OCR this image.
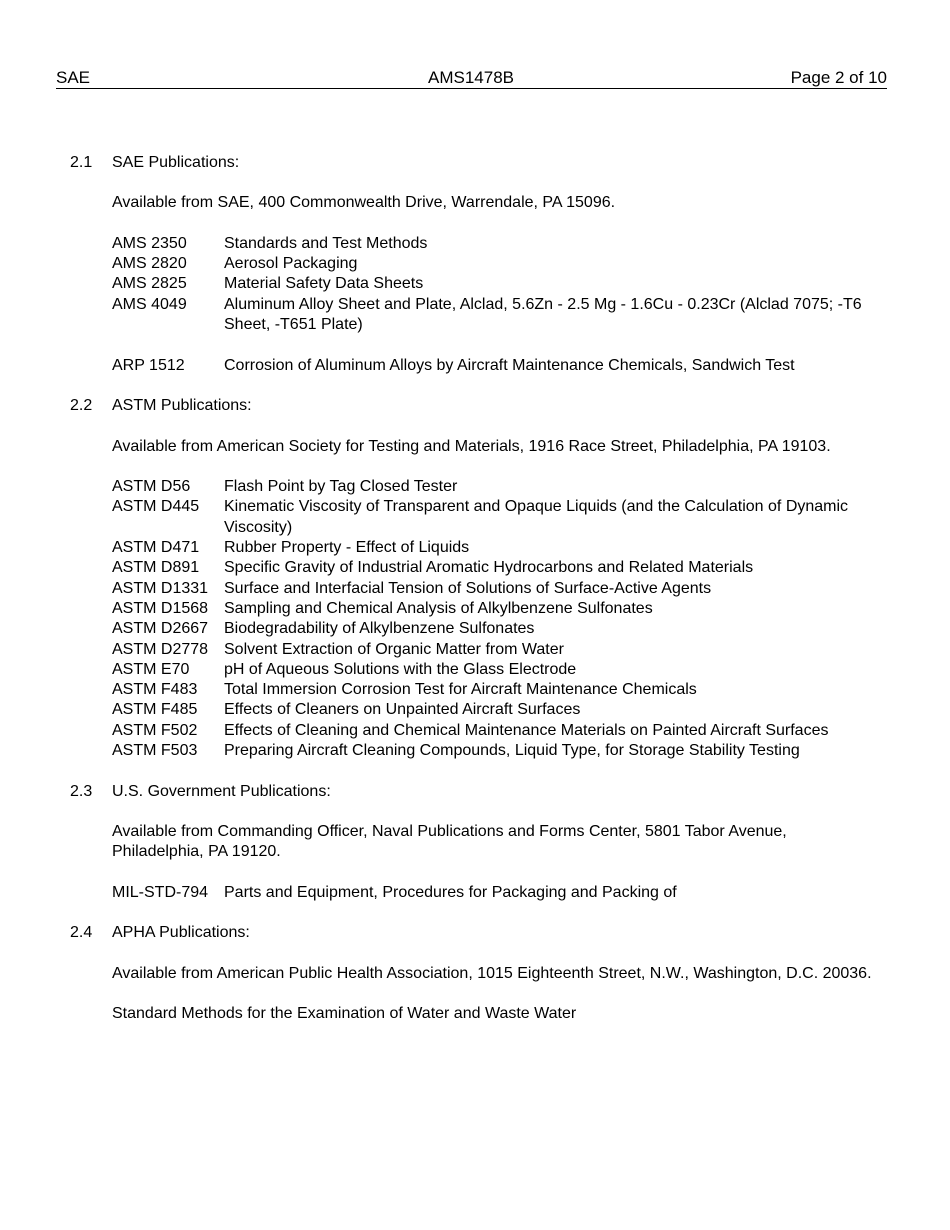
SAE	AMS1478B	Page 2 of 10
2.1 SAE Publications:
Available from SAE, 400 Commonwealth Drive, Warrendale, PA 15096.
AMS 2350	Standards and Test Methods
AMS 2820	Aerosol Packaging
AMS 2825	Material Safety Data Sheets
AMS 4049	Aluminum Alloy Sheet and Plate, Alclad, 5.6Zn - 2.5 Mg - 1.6Cu - 0.23Cr (Alclad 7075; -T6 Sheet, -T651 Plate)
ARP 1512	Corrosion of Aluminum Alloys by Aircraft Maintenance Chemicals, Sandwich Test
2.2 ASTM Publications:
Available from American Society for Testing and Materials, 1916 Race Street, Philadelphia, PA 19103.
ASTM D56	Flash Point by Tag Closed Tester
ASTM D445	Kinematic Viscosity of Transparent and Opaque Liquids (and the Calculation of Dynamic Viscosity)
ASTM D471	Rubber Property - Effect of Liquids
ASTM D891	Specific Gravity of Industrial Aromatic Hydrocarbons and Related Materials
ASTM D1331 Surface and Interfacial Tension of Solutions of Surface-Active Agents
ASTM D1568 Sampling and Chemical Analysis of Alkylbenzene Sulfonates
ASTM D2667 Biodegradability of Alkylbenzene Sulfonates
ASTM D2778 Solvent Extraction of Organic Matter from Water
ASTM E70	pH of Aqueous Solutions with the Glass Electrode
ASTM F483	Total Immersion Corrosion Test for Aircraft Maintenance Chemicals
ASTM F485	Effects of Cleaners on Unpainted Aircraft Surfaces
ASTM F502	Effects of Cleaning and Chemical Maintenance Materials on Painted Aircraft Surfaces
ASTM F503	Preparing Aircraft Cleaning Compounds, Liquid Type, for Storage Stability Testing
2.3 U.S. Government Publications:
Available from Commanding Officer, Naval Publications and Forms Center, 5801 Tabor Avenue, Philadelphia, PA 19120.
MIL-STD-794 Parts and Equipment, Procedures for Packaging and Packing of
2.4 APHA Publications:
Available from American Public Health Association, 1015 Eighteenth Street, N.W., Washington, D.C. 20036.
Standard Methods for the Examination of Water and Waste Water
